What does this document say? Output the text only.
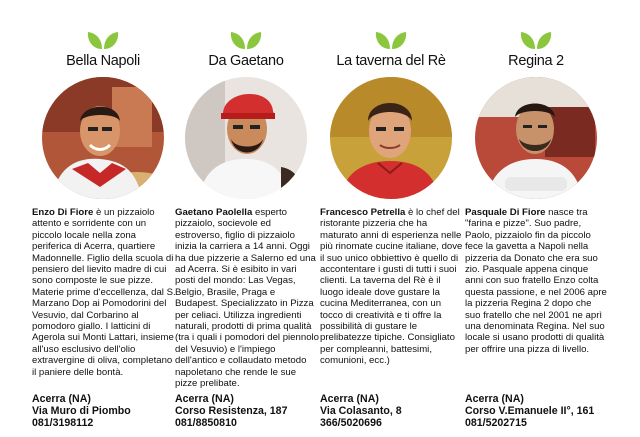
Bella Napoli

Enzo Di Fiore è un pizzaiolo attento e sorridente con un piccolo locale nella zona periferica di Acerra, quartiere Madonnelle. Figlio della scuola di pensiero del lievito madre di cui sono composte le sue pizze. Materie prime d'eccellenza, dal S. Marzano Dop ai Pomodorini del Vesuvio, dal Corbarino al pomodoro giallo. I latticini di Agerola sui Monti Lattari, insieme all'uso esclusivo dell'olio extravergine di oliva, completano il paniere delle bontà.

Acerra (NA)
Via Muro di Piombo
081/3198112
Da Gaetano

Gaetano Paolella esperto pizzaiolo, socievole ed estroverso, figlio di pizzaiolo inizia la carriera a 14 anni. Oggi ha due pizzerie a Salerno ed una ad Acerra. Si è esibito in vari posti del mondo: Las Vegas, Belgio, Brasile, Praga e Budapest. Specializzato in Pizza per celiaci. Utilizza ingredienti naturali, prodotti di prima qualità (tra i quali i pomodori del piennolo del Vesuvio) e l'impiego dell'antico e collaudato metodo napoletano che rende le sue pizze prelibate.

Acerra (NA)
Corso Resistenza, 187
081/8850810
La taverna del Rè

Francesco Petrella è lo chef del ristorante pizzeria che ha maturato anni di esperienza nelle più rinomate cucine italiane, dove il suo unico obbiettivo è quello di accontentare i gusti di tutti i suoi clienti. La taverna del Rè è il luogo ideale dove gustare la cucina Mediterranea, con un tocco di creatività e ti offre la possibilità di gustare le prelibatezze tipiche. Consigliato per compleanni, battesimi, comunioni, ecc.)

Acerra (NA)
Via Colasanto, 8
366/5020696
Regina 2

Pasquale Di Fiore nasce tra "farina e pizze". Suo padre, Paolo, pizzaiolo fin da piccolo fece la gavetta a Napoli nella pizzeria da Donato che era suo zio. Pasquale appena cinque anni con suo fratello Enzo colta questa passione, e nel 2006 apre la pizzeria Regina 2 dopo che suo fratello che nel 2001 ne aprì una denominata Regina. Nel suo locale si usano prodotti di qualità per offrire una pizza di livello.

Acerra (NA)
Corso V.Emanuele II°, 161
081/5202715
